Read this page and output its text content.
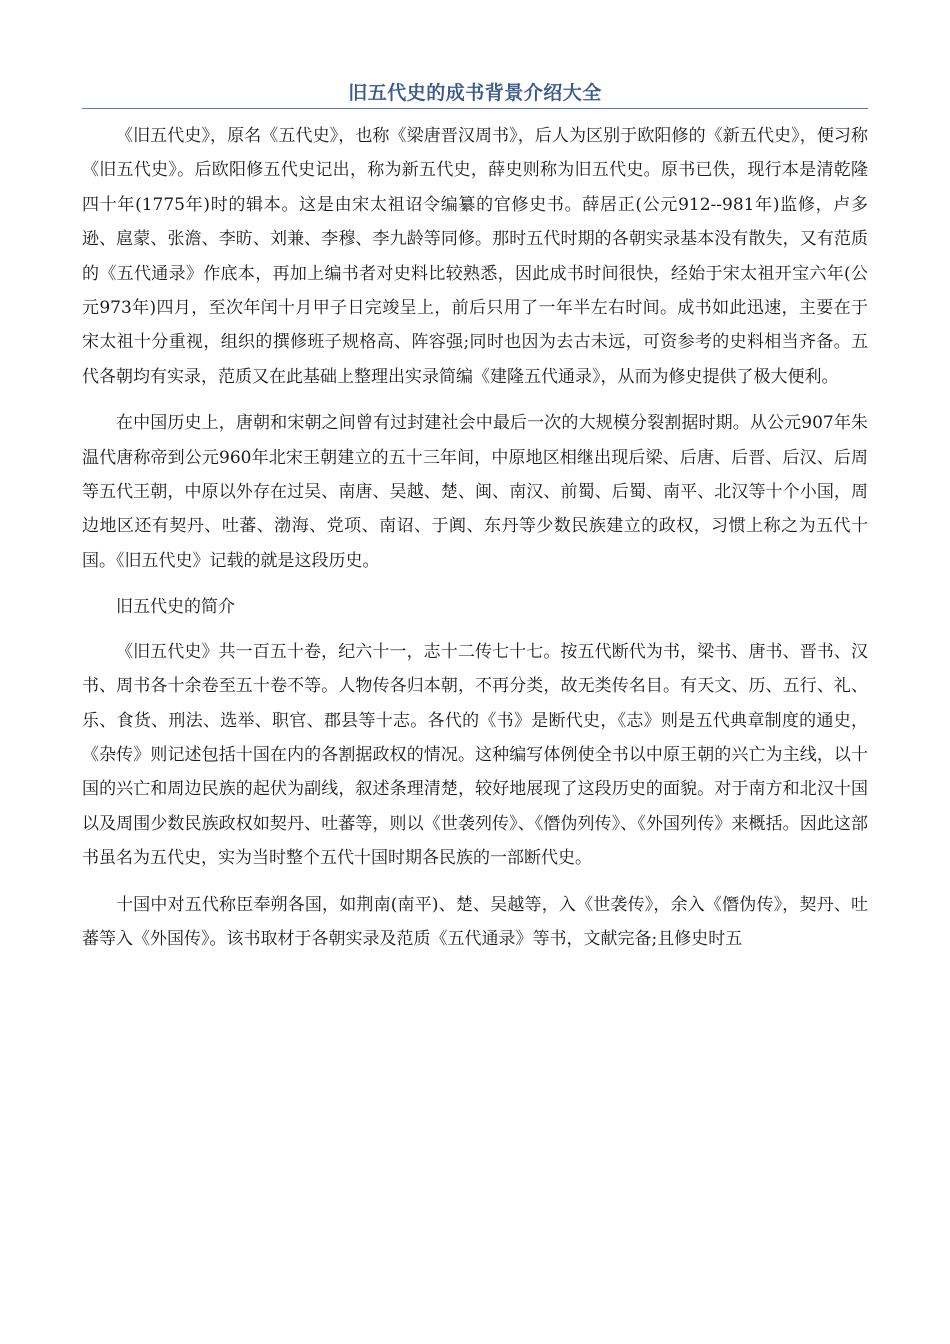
旧五代史的成书背景介绍大全

《旧五代史》，原名《五代史》，也称《梁唐晋汉周书》，后人为区别于欧阳修的《新五代史》，便习称《旧五代史》。后欧阳修五代史记出，称为新五代史，薛史则称为旧五代史。原书已佚，现行本是清乾隆四十年(1775年)时的辑本。这是由宋太祖诏令编纂的官修史书。薛居正(公元912--981年)监修，卢多逊、扈蒙、张澹、李昉、刘兼、李穆、李九龄等同修。那时五代时期的各朝实录基本没有散失，又有范质的《五代通录》作底本，再加上编书者对史料比较熟悉，因此成书时间很快，经始于宋太祖开宝六年(公元973年)四月，至次年闰十月甲子日完竣呈上，前后只用了一年半左右时间。成书如此迅速，主要在于宋太祖十分重视，组织的撰修班子规格高、阵容强;同时也因为去古未远，可资参考的史料相当齐备。五代各朝均有实录，范质又在此基础上整理出实录简编《建隆五代通录》，从而为修史提供了极大便利。

在中国历史上，唐朝和宋朝之间曾有过封建社会中最后一次的大规模分裂割据时期。从公元907年朱温代唐称帝到公元960年北宋王朝建立的五十三年间，中原地区相继出现后梁、后唐、后晋、后汉、后周等五代王朝，中原以外存在过吴、南唐、吴越、楚、闽、南汉、前蜀、后蜀、南平、北汉等十个小国，周边地区还有契丹、吐蕃、渤海、党项、南诏、于阗、东丹等少数民族建立的政权，习惯上称之为五代十国。《旧五代史》记载的就是这段历史。

旧五代史的简介

《旧五代史》共一百五十卷，纪六十一，志十二传七十七。按五代断代为书，梁书、唐书、晋书、汉书、周书各十余卷至五十卷不等。人物传各归本朝，不再分类，故无类传名目。有天文、历、五行、礼、乐、食货、刑法、选举、职官、郡县等十志。各代的《书》是断代史，《志》则是五代典章制度的通史，《杂传》则记述包括十国在内的各割据政权的情况。这种编写体例使全书以中原王朝的兴亡为主线，以十国的兴亡和周边民族的起伏为副线，叙述条理清楚，较好地展现了这段历史的面貌。对于南方和北汉十国以及周围少数民族政权如契丹、吐蕃等，则以《世袭列传》、《僭伪列传》、《外国列传》来概括。因此这部书虽名为五代史，实为当时整个五代十国时期各民族的一部断代史。

十国中对五代称臣奉朔各国，如荆南(南平)、楚、吴越等，入《世袭传》，余入《僭伪传》，契丹、吐蕃等入《外国传》。该书取材于各朝实录及范质《五代通录》等书，文献完备;且修史时五
